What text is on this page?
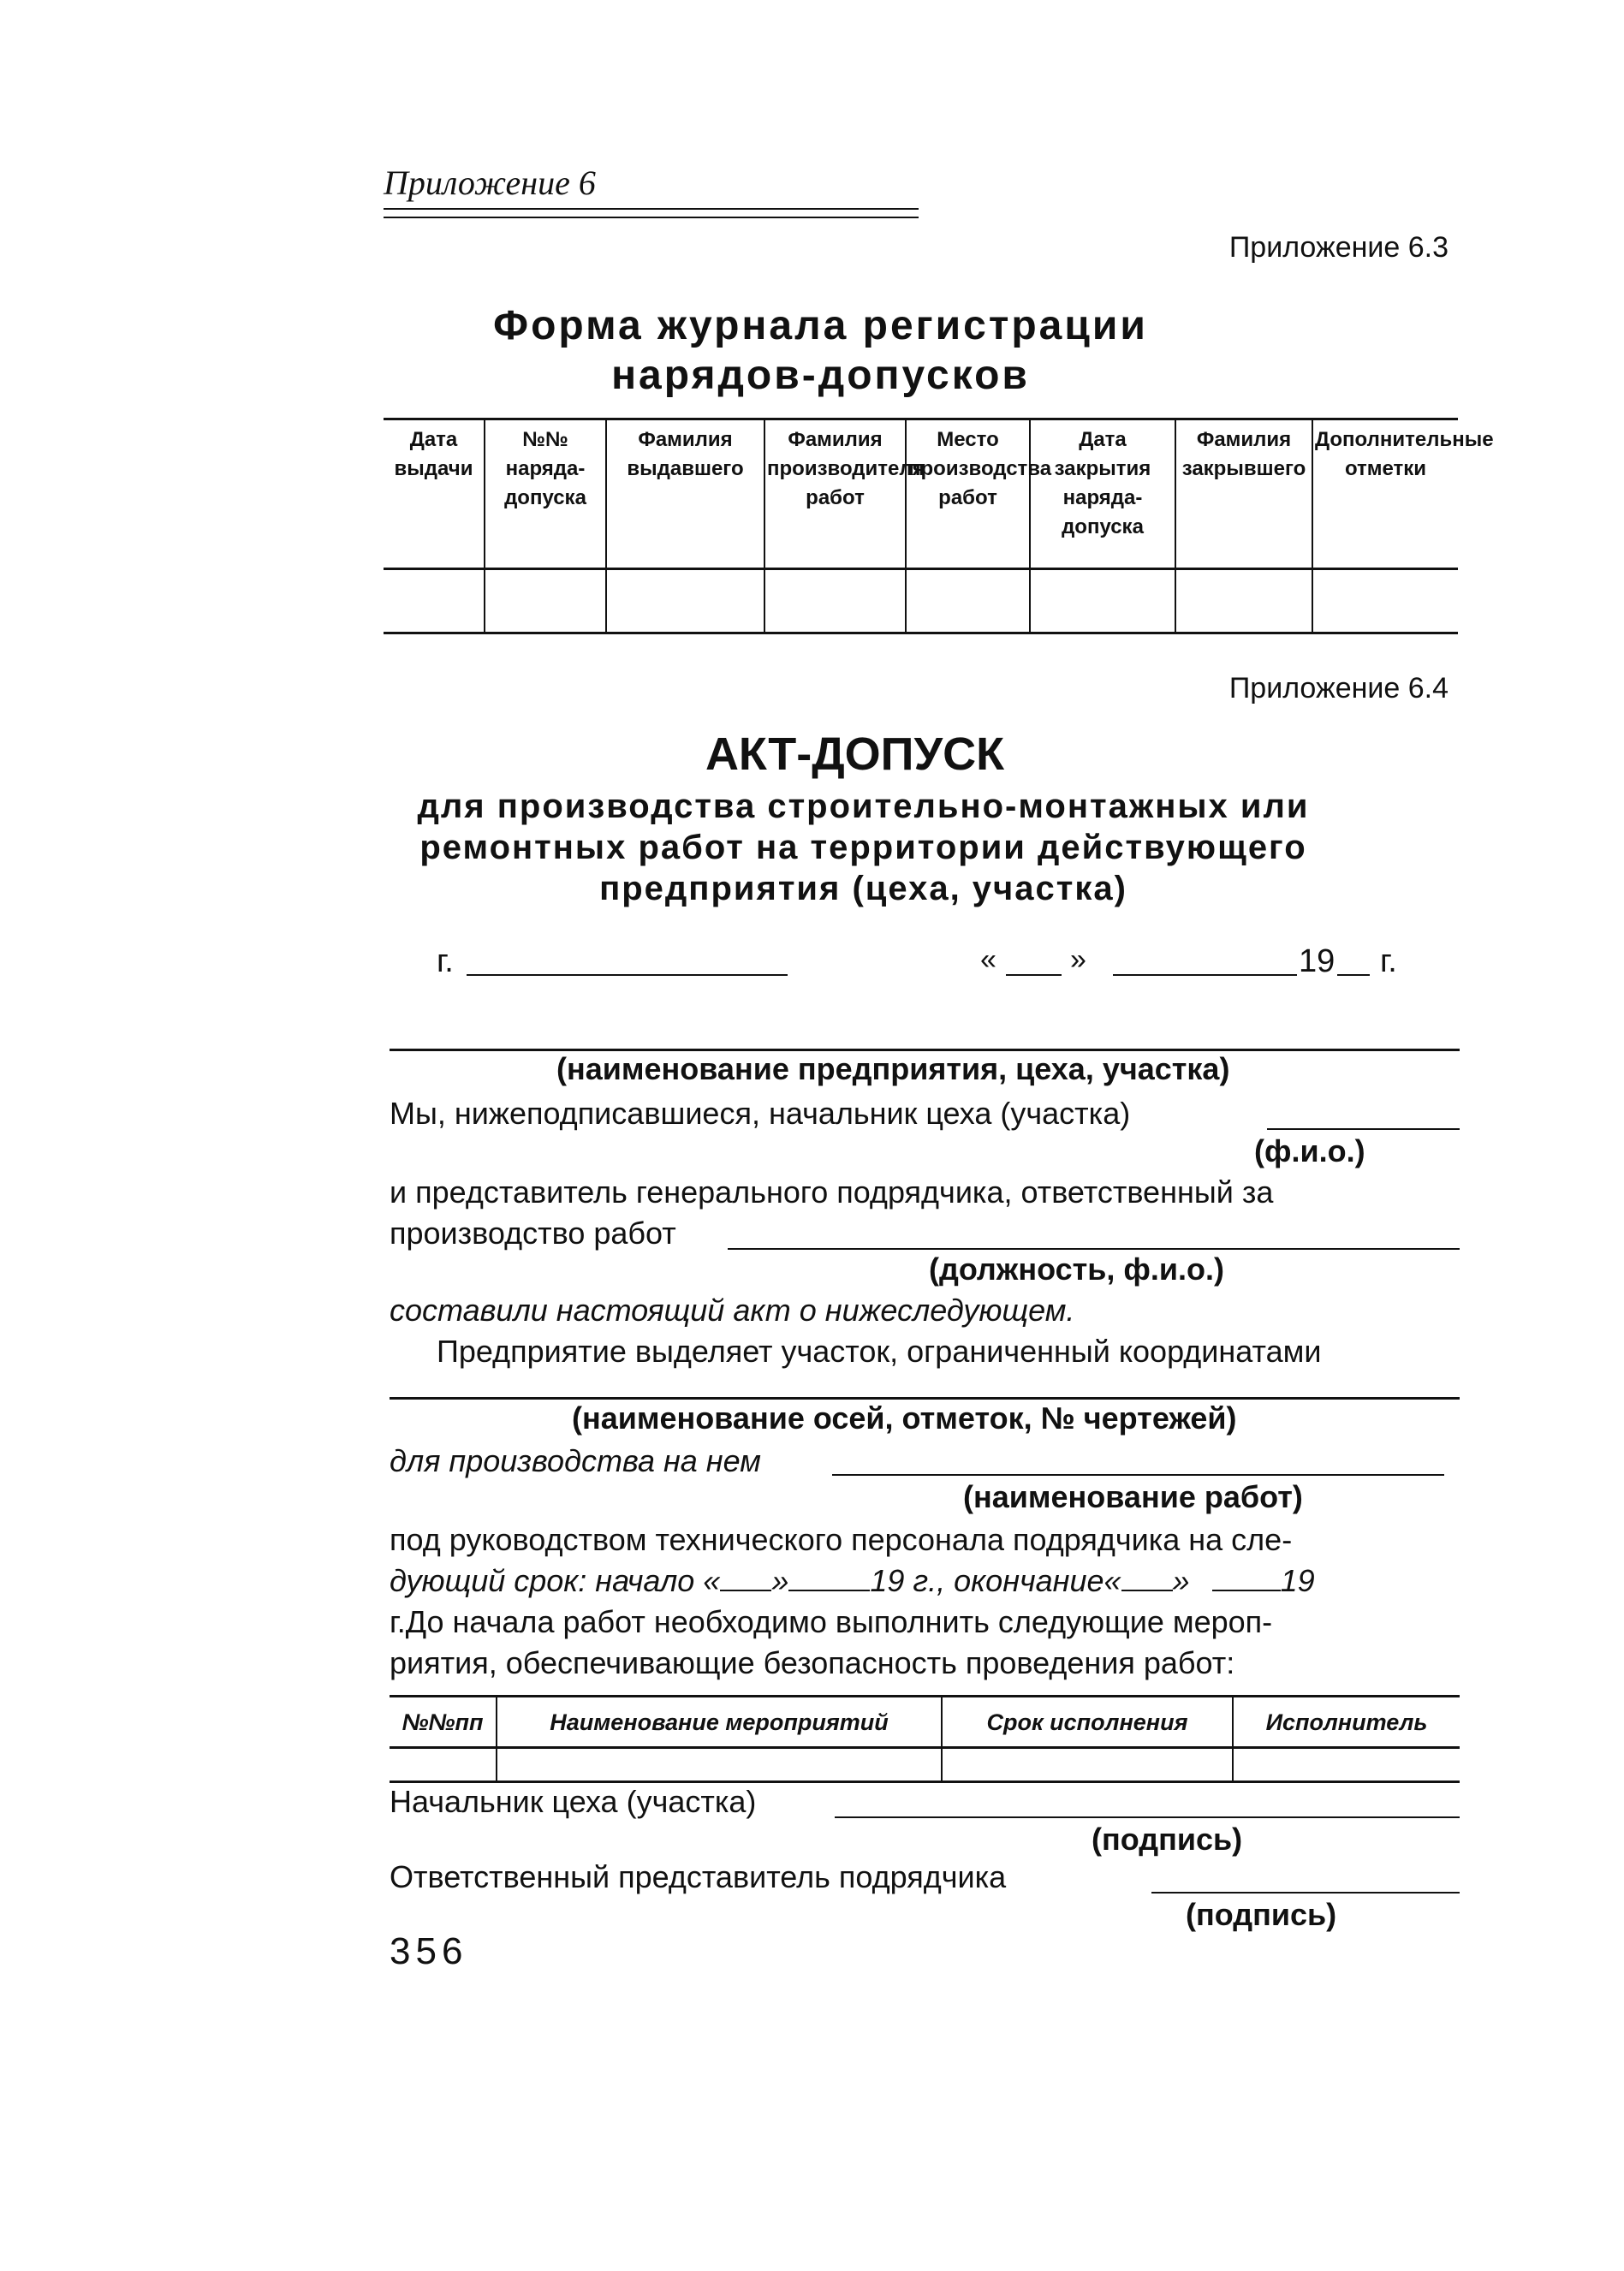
Приложение 6
Приложение 6.3
Форма журнала регистрации
нарядов-допусков
Дата выдачи	№№ наряда-допуска	Фамилия выдавшего	Фамилия производителя работ	Место производства работ	Дата закрытия наряда-допуска	Фамилия закрывшего	Дополнительные отметки

Приложение 6.4
АКТ-ДОПУСК
для производства строительно-монтажных или
ремонтных работ на территории действующего
предприятия (цеха, участка)
г.	«	»	19 г.
(наименование предприятия, цеха, участка)
Мы, нижеподписавшиеся, начальник цеха (участка)
(ф.и.о.)
и представитель генерального подрядчика, ответственный за
производство работ
(должность, ф.и.о.)
составили настоящий акт о нижеследующем.
Предприятие выделяет участок, ограниченный координатами
(наименование осей, отметок, № чертежей)
для производства на нем
(наименование работ)
под руководством технического персонала подрядчика на сле-
дующий срок: начало « »	19 г., окончание« »	19
г.До начала работ необходимо выполнить следующие мероп-
риятия, обеспечивающие безопасность проведения работ:
№№пп	Наименование мероприятий	Срок исполнения	Исполнитель

Начальник цеха (участка)
(подпись)
Ответственный представитель подрядчика
(подпись)
356
